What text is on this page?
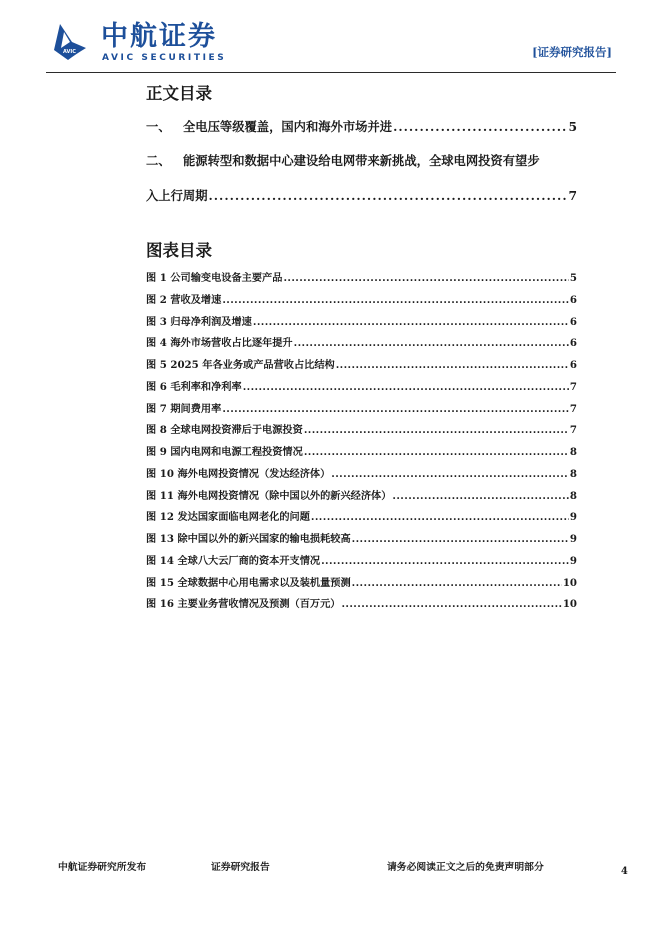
AVIC 中航证券
AVIC SECURITIES	[证券研究报告]
正文目录
一、	全电压等级覆盖，国内和海外市场并进 .....	5
二、	能源转型和数据中心建设给电网带来新挑战，全球电网投资有望步
入上行周期 .....	7
图表目录
图 1 公司输变电设备主要产品 .....	5
图 2 营收及增速 .....	6
图 3 归母净利润及增速 .....	6
图 4 海外市场营收占比逐年提升 .....	6
图 5 2025 年各业务或产品营收占比结构 .....	6
图 6 毛利率和净利率 .....	7
图 7 期间费用率 .....	7
图 8 全球电网投资滞后于电源投资 .....	7
图 9 国内电网和电源工程投资情况 .....	8
图 10 海外电网投资情况（发达经济体） .....	8
图 11 海外电网投资情况（除中国以外的新兴经济体） .....	8
图 12 发达国家面临电网老化的问题 .....	9
图 13 除中国以外的新兴国家的输电损耗较高 .....	9
图 14 全球八大云厂商的资本开支情况 .....	9
图 15 全球数据中心用电需求以及装机量预测 .....	10
图 16 主要业务营收情况及预测（百万元） .....	10
中航证券研究所发布	证券研究报告	请务必阅读正文之后的免责声明部分	4
